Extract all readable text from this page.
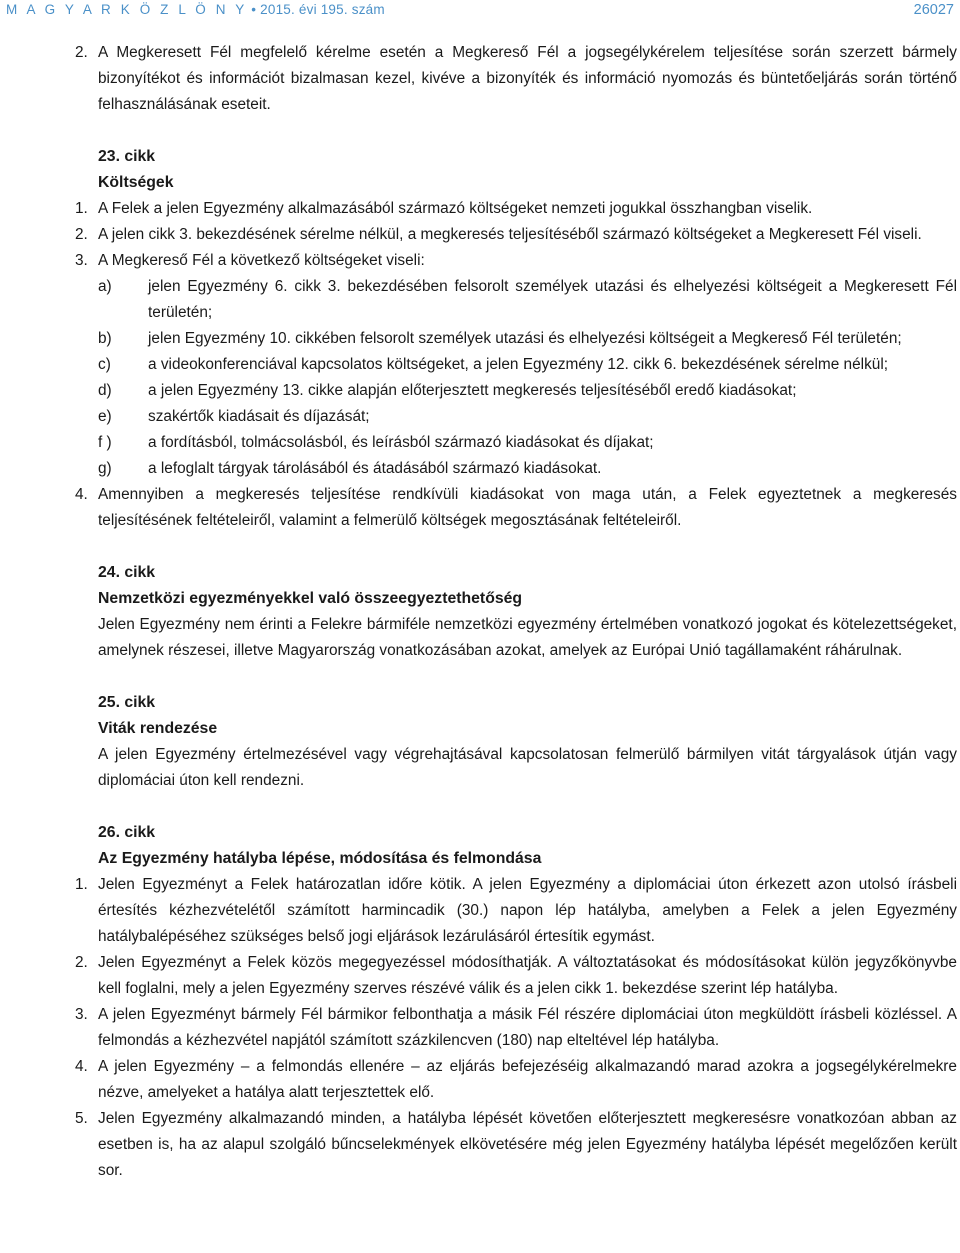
M A G Y A R K Ö Z L Ö N Y • 2015. évi 195. szám	26027
2. A Megkeresett Fél megfelelő kérelme esetén a Megkereső Fél a jogsegélykérelem teljesítése során szerzett bármely bizonyítékot és információt bizalmasan kezel, kivéve a bizonyíték és információ nyomozás és büntetőeljárás során történő felhasználásának eseteit.
23. cikk
Költségek
1. A Felek a jelen Egyezmény alkalmazásából származó költségeket nemzeti jogukkal összhangban viselik.
2. A jelen cikk 3. bekezdésének sérelme nélkül, a megkeresés teljesítéséből származó költségeket a Megkeresett Fél viseli.
3. A Megkereső Fél a következő költségeket viseli:
a) jelen Egyezmény 6. cikk 3. bekezdésében felsorolt személyek utazási és elhelyezési költségeit a Megkeresett Fél területén;
b) jelen Egyezmény 10. cikkében felsorolt személyek utazási és elhelyezési költségeit a Megkereső Fél területén;
c) a videokonferenciával kapcsolatos költségeket, a jelen Egyezmény 12. cikk 6. bekezdésének sérelme nélkül;
d) a jelen Egyezmény 13. cikke alapján előterjesztett megkeresés teljesítéséből eredő kiadásokat;
e) szakértők kiadásait és díjazását;
f ) a fordításból, tolmácsolásból, és leírásból származó kiadásokat és díjakat;
g) a lefoglalt tárgyak tárolásából és átadásából származó kiadásokat.
4. Amennyiben a megkeresés teljesítése rendkívüli kiadásokat von maga után, a Felek egyeztetnek a megkeresés teljesítésének feltételeiről, valamint a felmerülő költségek megosztásának feltételeiről.
24. cikk
Nemzetközi egyezményekkel való összeegyeztethetőség
Jelen Egyezmény nem érinti a Felekre bármiféle nemzetközi egyezmény értelmében vonatkozó jogokat és kötelezettségeket, amelynek részesei, illetve Magyarország vonatkozásában azokat, amelyek az Európai Unió tagállamaként ráhárulnak.
25. cikk
Viták rendezése
A jelen Egyezmény értelmezésével vagy végrehajtásával kapcsolatosan felmerülő bármilyen vitát tárgyalások útján vagy diplomáciai úton kell rendezni.
26. cikk
Az Egyezmény hatályba lépése, módosítása és felmondása
1. Jelen Egyezményt a Felek határozatlan időre kötik. A jelen Egyezmény a diplomáciai úton érkezett azon utolsó írásbeli értesítés kézhezvételétől számított harmincadik (30.) napon lép hatályba, amelyben a Felek a jelen Egyezmény hatálybalépéséhez szükséges belső jogi eljárások lezárulásáról értesítik egymást.
2. Jelen Egyezményt a Felek közös megegyezéssel módosíthatják. A változtatásokat és módosításokat külön jegyzőkönyvbe kell foglalni, mely a jelen Egyezmény szerves részévé válik és a jelen cikk 1. bekezdése szerint lép hatályba.
3. A jelen Egyezményt bármely Fél bármikor felbonthatja a másik Fél részére diplomáciai úton megküldött írásbeli közléssel. A felmondás a kézhezvétel napjától számított százkilencven (180) nap elteltével lép hatályba.
4. A jelen Egyezmény – a felmondás ellenére – az eljárás befejezéséig alkalmazandó marad azokra a jogsegélykérelmekre nézve, amelyeket a hatálya alatt terjesztettek elő.
5. Jelen Egyezmény alkalmazandó minden, a hatályba lépését követően előterjesztett megkeresésre vonatkozóan abban az esetben is, ha az alapul szolgáló bűncselekmények elkövetésére még jelen Egyezmény hatályba lépését megelőzően került sor.
